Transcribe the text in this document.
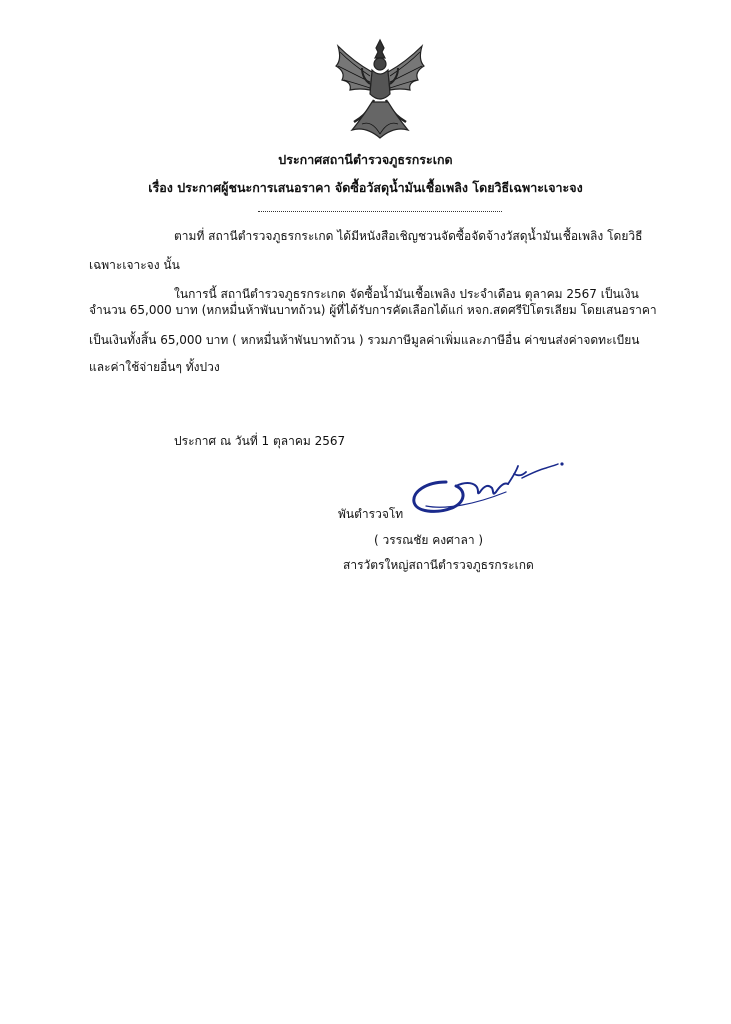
ประกาศสถานีตำรวจภูธรกระเกด
เรื่อง ประกาศผู้ชนะการเสนอราคา จัดซื้อวัสดุน้ำมันเชื้อเพลิง โดยวิธีเฉพาะเจาะจง
ตามที่ สถานีตำรวจภูธรกระเกด ได้มีหนังสือเชิญชวนจัดซื้อจัดจ้างวัสดุน้ำมันเชื้อเพลิง โดยวิธี
เฉพาะเจาะจง นั้น
ในการนี้ สถานีตำรวจภูธรกระเกด จัดซื้อน้ำมันเชื้อเพลิง ประจำเดือน ตุลาคม 2567 เป็นเงิน
จำนวน 65,000 บาท (หกหมื่นห้าพันบาทถ้วน) ผู้ที่ได้รับการคัดเลือกได้แก่ หจก.สดศรีปิโตรเลียม โดยเสนอราคา
เป็นเงินทั้งสิ้น 65,000 บาท ( หกหมื่นห้าพันบาทถ้วน ) รวมภาษีมูลค่าเพิ่มและภาษีอื่น ค่าขนส่งค่าจดทะเบียน
และค่าใช้จ่ายอื่นๆ ทั้งปวง
ประกาศ ณ วันที่ 1 ตุลาคม 2567
พันตำรวจโท
( วรรณชัย คงศาลา )
สารวัตรใหญ่สถานีตำรวจภูธรกระเกด
